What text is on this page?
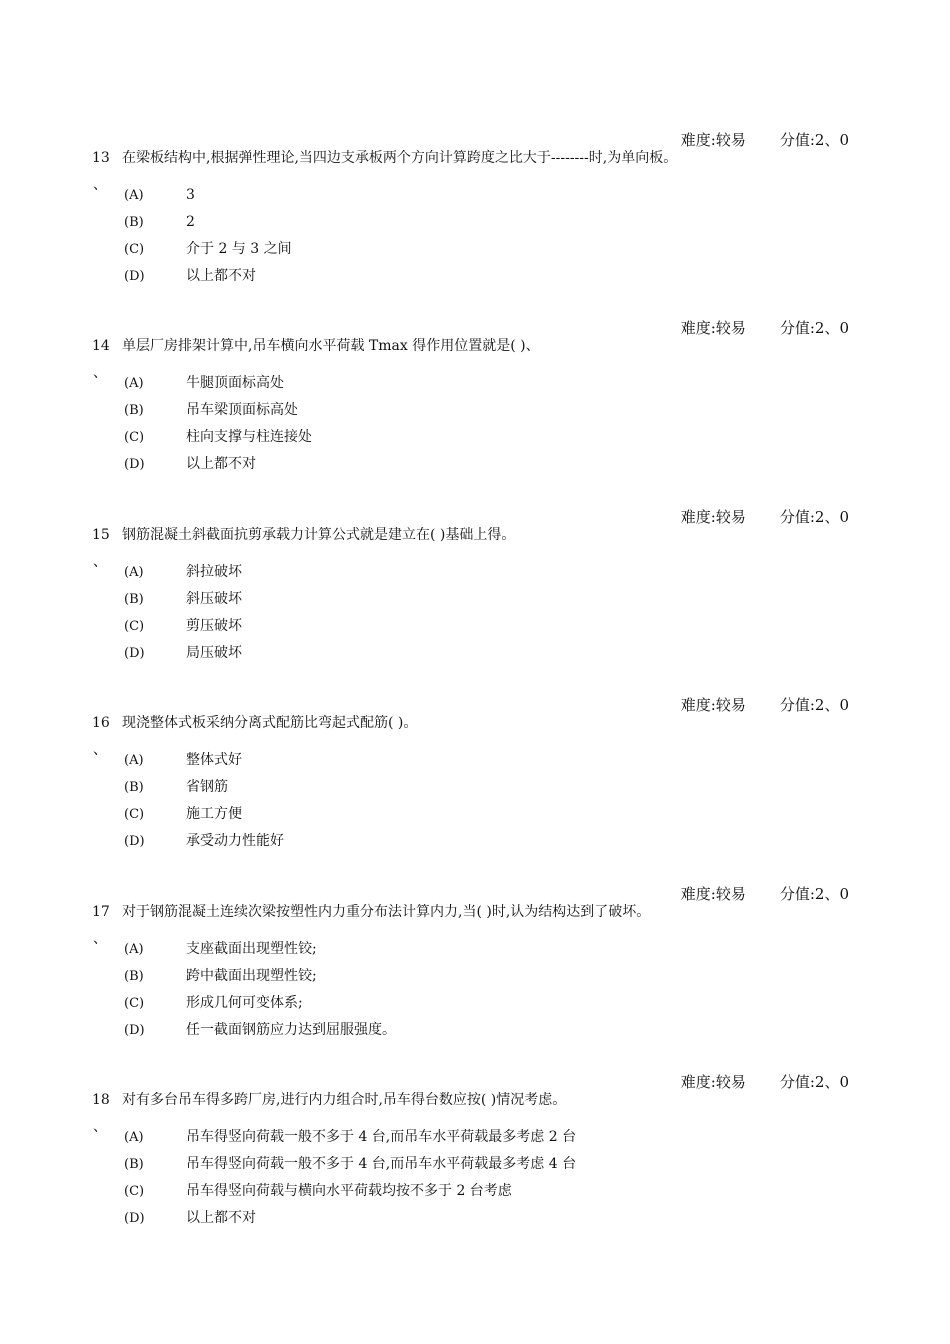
难度:较易 分值:2、0
13 在梁板结构中,根据弹性理论,当四边支承板两个方向计算跨度之比大于--------时,为单向板。
、
(A)	3
(B)	2
(C)	介于 2 与 3 之间
(D)	以上都不对
难度:较易 分值:2、0
14 单层厂房排架计算中,吊车横向水平荷载 Tmax 得作用位置就是( )、
、
(A)	牛腿顶面标高处
(B)	吊车梁顶面标高处
(C)	柱向支撑与柱连接处
(D)	以上都不对
难度:较易 分值:2、0
15 钢筋混凝土斜截面抗剪承载力计算公式就是建立在( )基础上得。
、
(A)	斜拉破坏
(B)	斜压破坏
(C)	剪压破坏
(D)	局压破坏
难度:较易 分值:2、0
16 现浇整体式板采纳分离式配筋比弯起式配筋( )。
、
(A)	整体式好
(B)	省钢筋
(C)	施工方便
(D)	承受动力性能好
难度:较易 分值:2、0
17 对于钢筋混凝土连续次梁按塑性内力重分布法计算内力,当( )时,认为结构达到了破坏。
、
(A)	支座截面出现塑性铰;
(B)	跨中截面出现塑性铰;
(C)	形成几何可变体系;
(D)	任一截面钢筋应力达到屈服强度。
难度:较易 分值:2、0
18 对有多台吊车得多跨厂房,进行内力组合时,吊车得台数应按( )情况考虑。
、
(A)	吊车得竖向荷载一般不多于 4 台,而吊车水平荷载最多考虑 2 台
(B)	吊车得竖向荷载一般不多于 4 台,而吊车水平荷载最多考虑 4 台
(C)	吊车得竖向荷载与横向水平荷载均按不多于 2 台考虑
(D)	以上都不对
